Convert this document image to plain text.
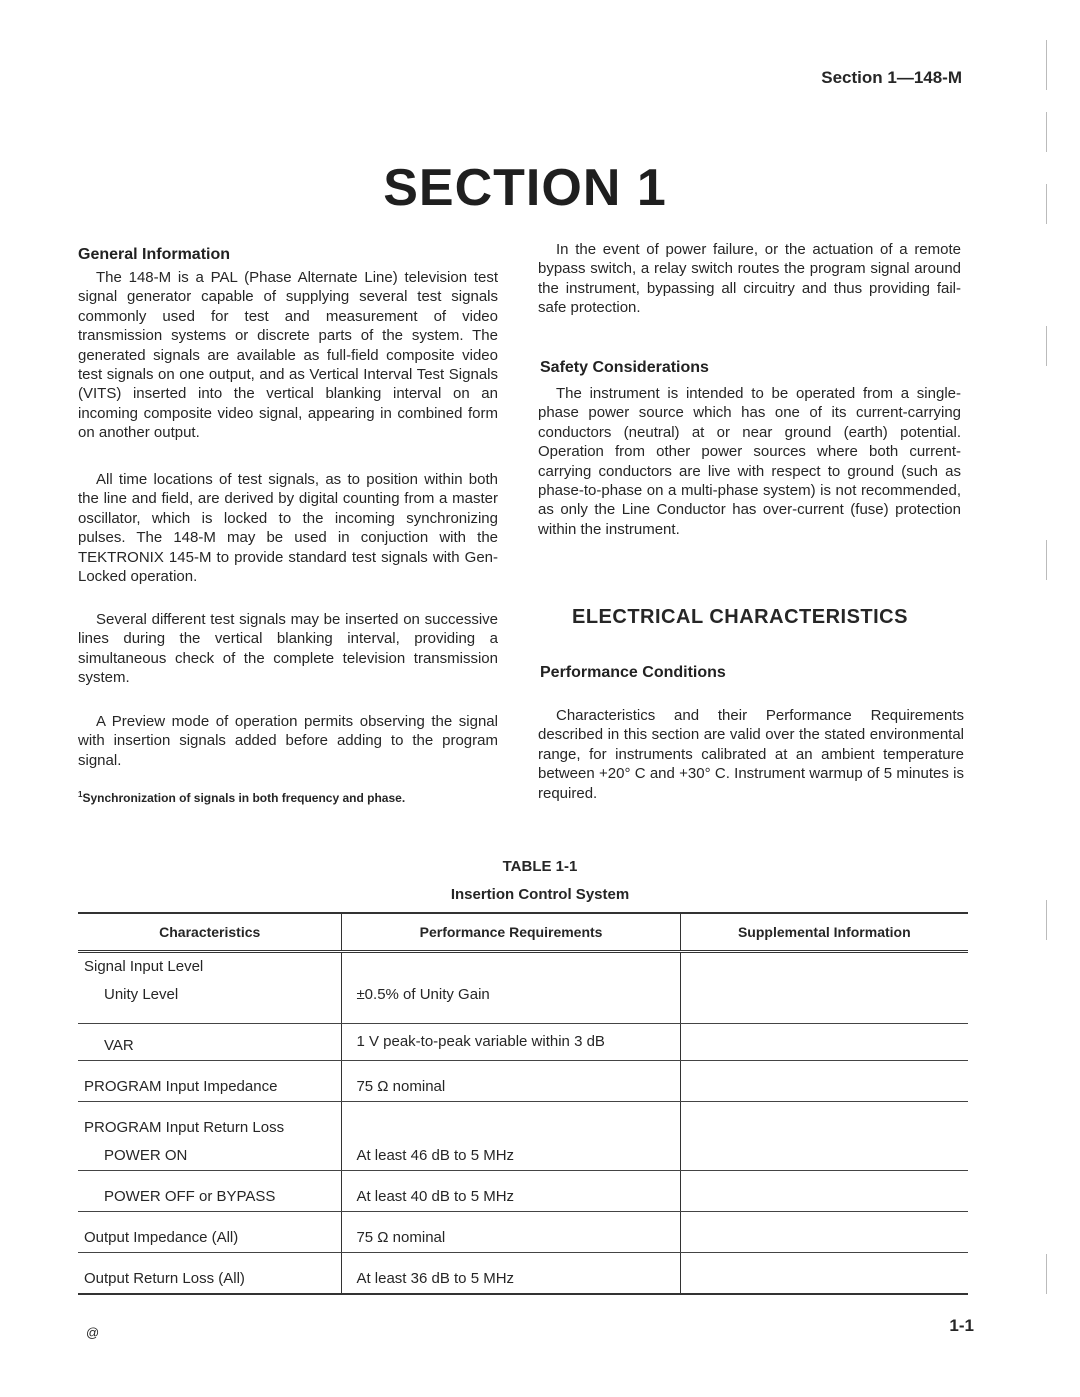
Section 1—148-M
SECTION 1
General Information

The 148-M is a PAL (Phase Alternate Line) television test signal generator capable of supplying several test signals commonly used for test and measurement of video transmission systems or discrete parts of the system. The generated signals are available as full-field composite video test signals on one output, and as Vertical Interval Test Signals (VITS) inserted into the vertical blanking interval on an incoming composite video signal, appearing in combined form on another output.

All time locations of test signals, as to position within both the line and field, are derived by digital counting from a master oscillator, which is locked to the incoming synchronizing pulses. The 148-M may be used in conjuction with the TEKTRONIX 145-M to provide standard test signals with Gen-Locked operation.

Several different test signals may be inserted on successive lines during the vertical blanking interval, providing a simultaneous check of the complete television transmission system.

A Preview mode of operation permits observing the signal with insertion signals added before adding to the program signal.

$^1$Synchronization of signals in both frequency and phase.

In the event of power failure, or the actuation of a remote bypass switch, a relay switch routes the program signal around the instrument, bypassing all circuitry and thus providing fail-safe protection.

Safety Considerations

The instrument is intended to be operated from a single-phase power source which has one of its current-carrying conductors (neutral) at or near ground (earth) potential. Operation from other power sources where both current-carrying conductors are live with respect to ground (such as phase-to-phase on a multi-phase system) is not recommended, as only the Line Conductor has over-current (fuse) protection within the instrument.

ELECTRICAL CHARACTERISTICS
Performance Conditions

Characteristics and their Performance Requirements described in this section are valid over the stated environmental range, for instruments calibrated at an ambient temperature between +20° C and +30° C. Instrument warmup of 5 minutes is required.

TABLE 1-1
Insertion Control System
Characteristics	Performance Requirements	Supplemental Information

Signal Input Level
Unity Level	±0.5% of Unity Gain	

VAR	1 V peak-to-peak variable within 3 dB	

PROGRAM Input Impedance	75 Ω nominal	

PROGRAM Input Return Loss
POWER ON	At least 46 dB to 5 MHz	

POWER OFF or BYPASS	At least 40 dB to 5 MHz	

Output Impedance (All)	75 Ω nominal	

Output Return Loss (All)	At least 36 dB to 5 MHz	

@	1-1
